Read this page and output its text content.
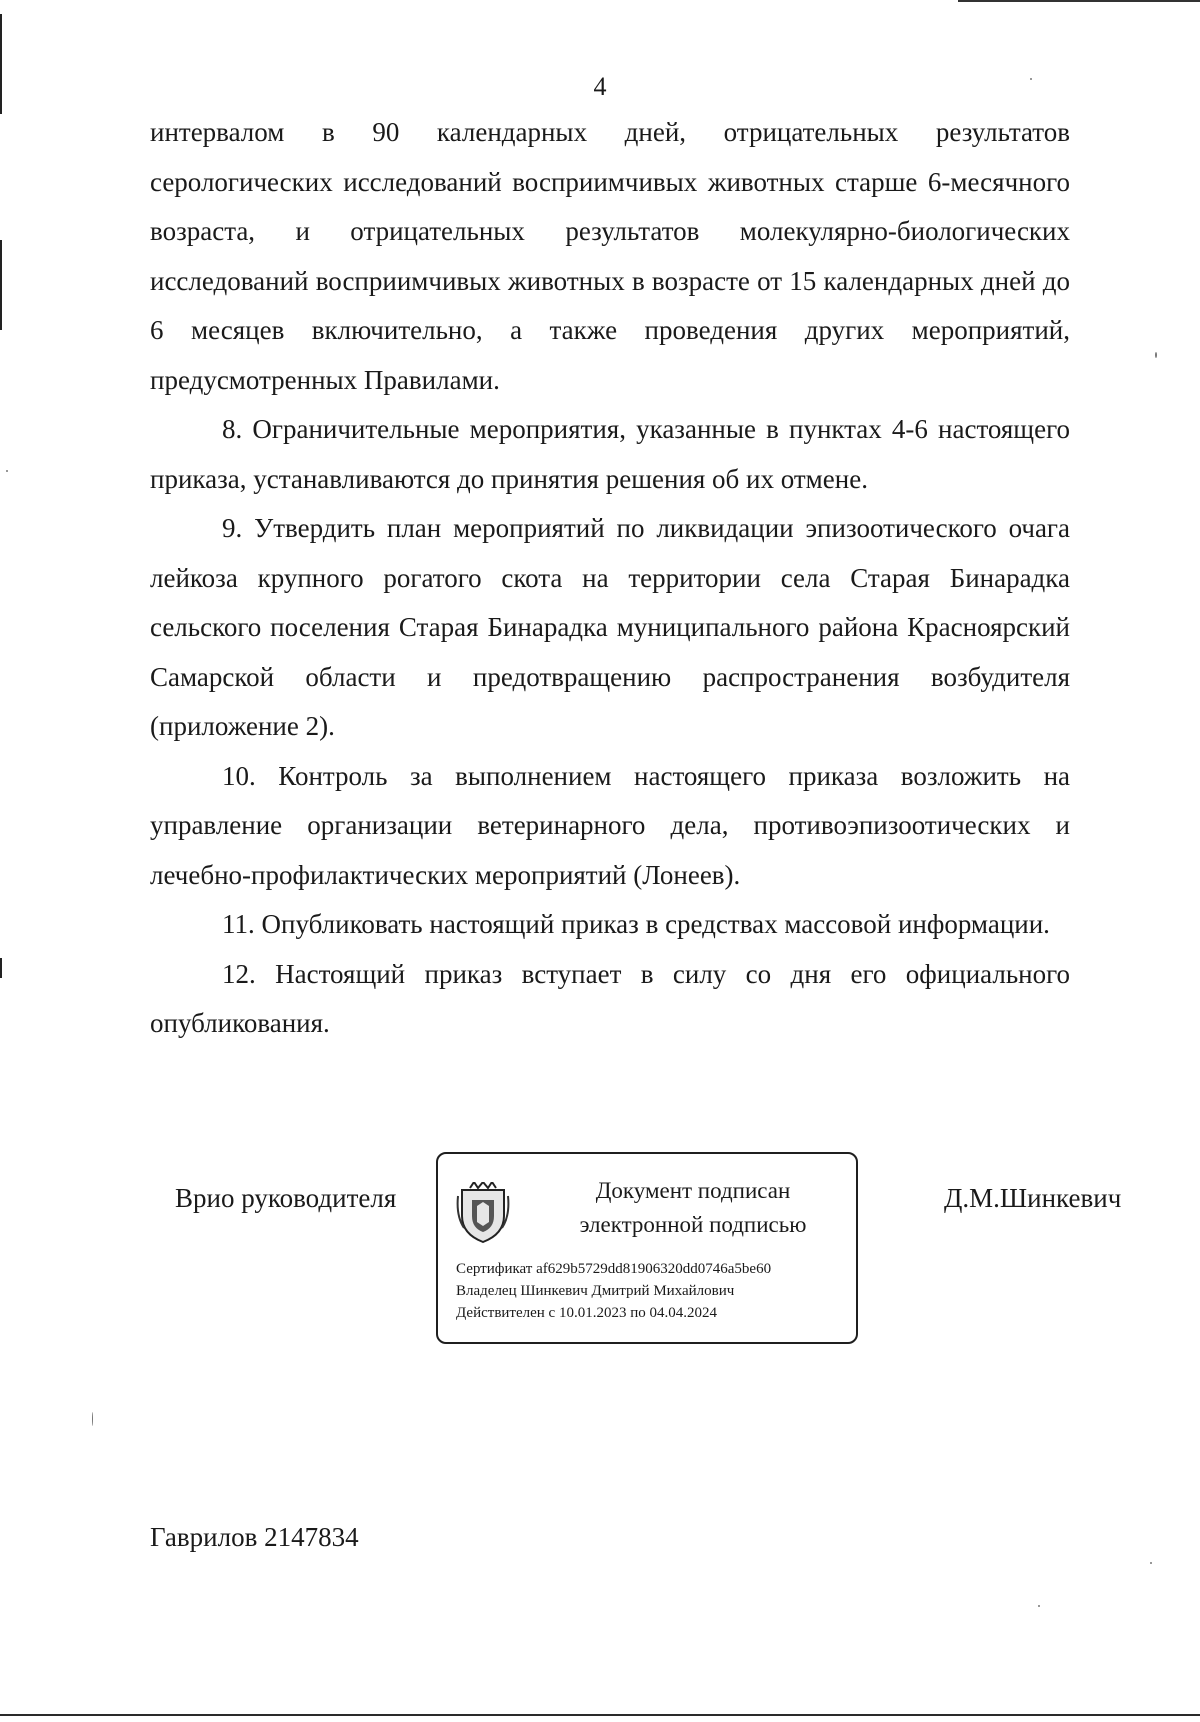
4

интервалом в 90 календарных дней, отрицательных результатов серологических исследований восприимчивых животных старше 6-месячного возраста, и отрицательных результатов молекулярно-биологических исследований восприимчивых животных в возрасте от 15 календарных дней до 6 месяцев включительно, а также проведения других мероприятий, предусмотренных Правилами.

8. Ограничительные мероприятия, указанные в пунктах 4-6 настоящего приказа, устанавливаются до принятия решения об их отмене.

9. Утвердить план мероприятий по ликвидации эпизоотического очага лейкоза крупного рогатого скота на территории села Старая Бинарадка сельского поселения Старая Бинарадка муниципального района Красноярский Самарской области и предотвращению распространения возбудителя (приложение 2).

10. Контроль за выполнением настоящего приказа возложить на управление организации ветеринарного дела, противоэпизоотических и лечебно-профилактических мероприятий (Лонеев).

11. Опубликовать настоящий приказ в средствах массовой информации.

12. Настоящий приказ вступает в силу со дня его официального опубликования.

Врио руководителя	Документ подписан
электронной подписью
Сертификат af629b5729dd81906320dd0746a5be60
Владелец Шинкевич Дмитрий Михайлович
Действителен с 10.01.2023 по 04.04.2024
Д.М.Шинкевич
Гаврилов 2147834
